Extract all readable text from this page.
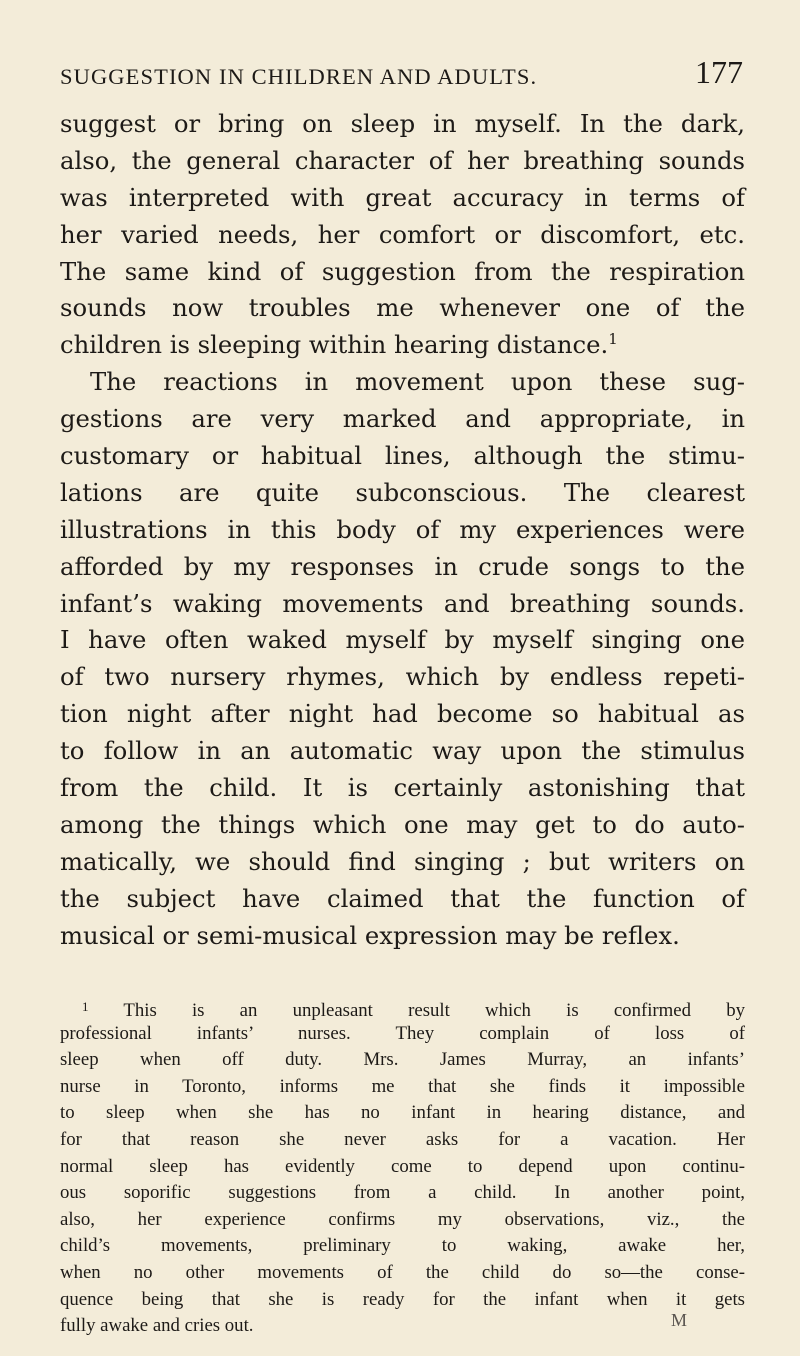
SUGGESTION IN CHILDREN AND ADULTS.	177
suggest or bring on sleep in myself. In the dark,
also, the general character of her breathing sounds
was interpreted with great accuracy in terms of
her varied needs, her comfort or discomfort, etc.
The same kind of suggestion from the respiration
sounds now troubles me whenever one of the
children is sleeping within hearing distance.$^1$
The reactions in movement upon these sug-
gestions are very marked and appropriate, in
customary or habitual lines, although the stimu-
lations are quite subconscious. The clearest
illustrations in this body of my experiences were
afforded by my responses in crude songs to the
infant’s waking movements and breathing sounds.
I have often waked myself by myself singing one
of two nursery rhymes, which by endless repeti-
tion night after night had become so habitual as
to follow in an automatic way upon the stimulus
from the child. It is certainly astonishing that
among the things which one may get to do auto-
matically, we should find singing ; but writers on
the subject have claimed that the function of
musical or semi-musical expression may be reflex.
$^1$ This is an unpleasant result which is confirmed by
professional infants’ nurses. They complain of loss of
sleep when off duty. Mrs. James Murray, an infants’
nurse in Toronto, informs me that she finds it impossible
to sleep when she has no infant in hearing distance, and
for that reason she never asks for a vacation. Her
normal sleep has evidently come to depend upon continu-
ous soporific suggestions from a child. In another point,
also, her experience confirms my observations, viz., the
child’s movements, preliminary to waking, awake her,
when no other movements of the child do so—the conse-
quence being that she is ready for the infant when it gets
fully awake and cries out.	M
